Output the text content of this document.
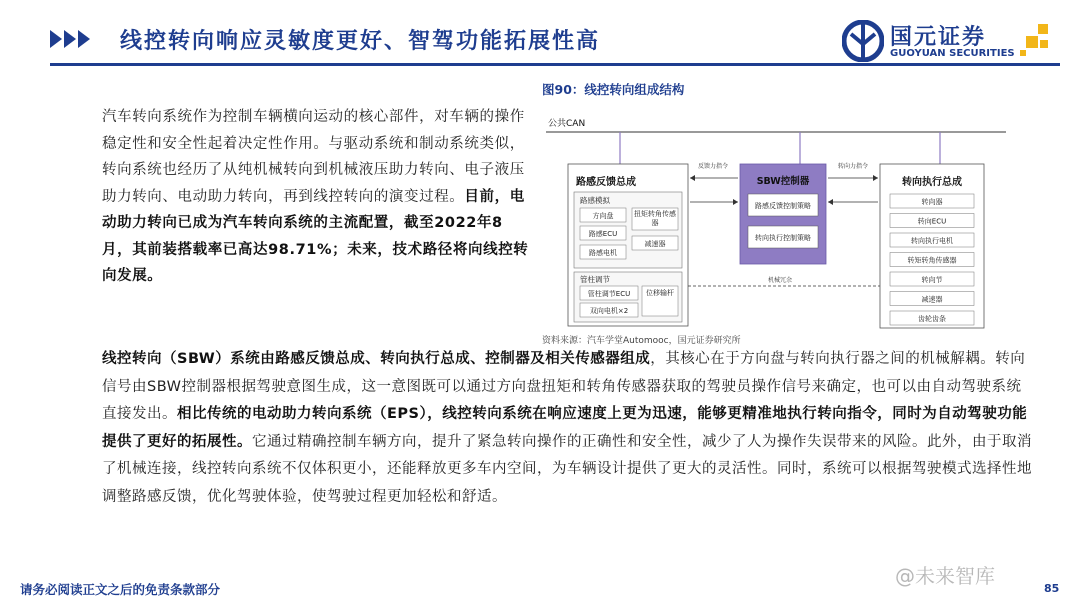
线控转向响应灵敏度更好、智驾功能拓展性高	国元证券
GUOYUAN SECURITIES
汽车转向系统作为控制车辆横向运动的核心部件，对车辆的操作稳定性和安全性起着决定性作用。与驱动系统和制动系统类似，转向系统也经历了从纯机械转向到机械液压助力转向、电子液压助力转向、电动助力转向，再到线控转向的演变过程。目前，电动助力转向已成为汽车转向系统的主流配置，截至2022年8月，其前装搭载率已高达98.71%；未来，技术路径将向线控转向发展。
图90：线控转向组成结构
公共CAN
路感反馈总成
路感模拟
方向盘	扭矩转角传感器
路感ECU
减速器
路感电机
管柱调节
管柱调节ECU	位移输杆
双向电机×2
反馈力指令	转向力指令
SBW控制器
路感反馈控制策略
转向执行控制策略
机械冗余
转向执行总成
转向器
转向ECU
转向执行电机
转矩转角传感器
转向节
减速器
齿轮齿条
资料来源：汽车学堂Automooc，国元证券研究所
线控转向（SBW）系统由路感反馈总成、转向执行总成、控制器及相关传感器组成，其核心在于方向盘与转向执行器之间的机械解耦。转向信号由SBW控制器根据驾驶意图生成，这一意图既可以通过方向盘扭矩和转角传感器获取的驾驶员操作信号来确定，也可以由自动驾驶系统直接发出。相比传统的电动助力转向系统（EPS），线控转向系统在响应速度上更为迅速，能够更精准地执行转向指令，同时为自动驾驶功能提供了更好的拓展性。它通过精确控制车辆方向，提升了紧急转向操作的正确性和安全性，减少了人为操作失误带来的风险。此外，由于取消了机械连接，线控转向系统不仅体积更小，还能释放更多车内空间，为车辆设计提供了更大的灵活性。同时，系统可以根据驾驶模式选择性地调整路感反馈，优化驾驶体验，使驾驶过程更加轻松和舒适。
请务必阅读正文之后的免责条款部分
@未来智库
85
